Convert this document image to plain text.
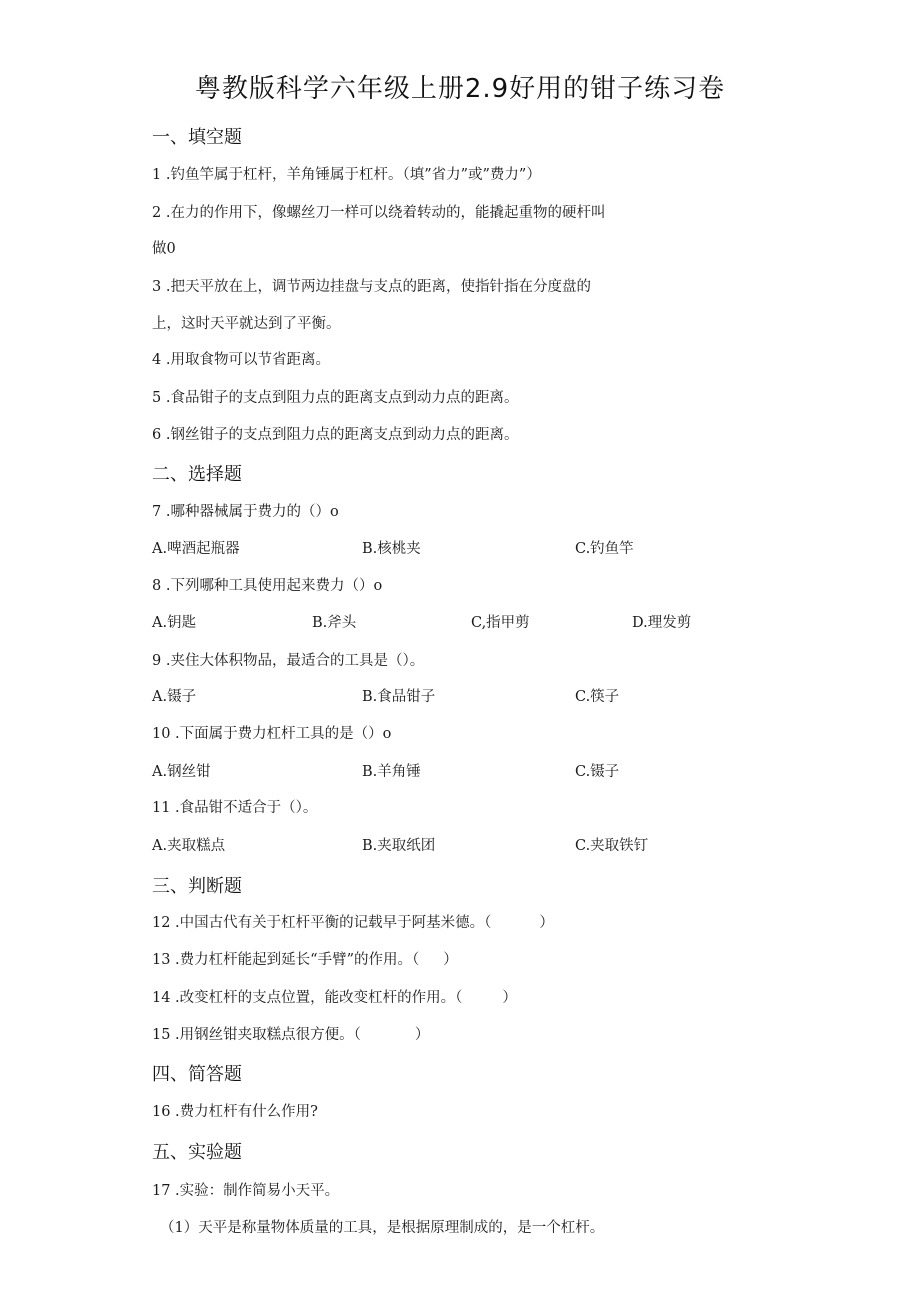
粤教版科学六年级上册2.9好用的钳子练习卷
一、填空题
1 .钓鱼竿属于杠杆，羊角锤属于杠杆。（填”省力”或”费力”）
2 .在力的作用下，像螺丝刀一样可以绕着转动的，能撬起重物的硬杆叫
做0
3 .把天平放在上，调节两边挂盘与支点的距离，使指针指在分度盘的
上，这时天平就达到了平衡。
4 .用取食物可以节省距离。
5 .食品钳子的支点到阻力点的距离支点到动力点的距离。
6 .钢丝钳子的支点到阻力点的距离支点到动力点的距离。
二、选择题
7 .哪种器械属于费力的（）o
A.啤酒起瓶器	B.核桃夹	C.钓鱼竿
8 .下列哪种工具使用起来费力（）o
A.钥匙	B.斧头	C,指甲剪	D.理发剪
9 .夹住大体积物品，最适合的工具是（）。
A.镊子	B.食品钳子	C.筷子
10 .下面属于费力杠杆工具的是（）o
A.钢丝钳	B.羊角锤	C.镊子
11 .食品钳不适合于（）。
A.夹取糕点	B.夹取纸团	C.夹取铁钉
三、判断题
12 .中国古代有关于杠杆平衡的记载早于阿基米德。（	）
13 .费力杠杆能起到延长“手臂”的作用。（ ）
14 .改变杠杆的支点位置，能改变杠杆的作用。（	）
15 .用钢丝钳夹取糕点很方便。（	）
四、简答题
16 .费力杠杆有什么作用?
五、实验题
17 .实验：制作简易小天平。
（1）天平是称量物体质量的工具，是根据原理制成的，是一个杠杆。
